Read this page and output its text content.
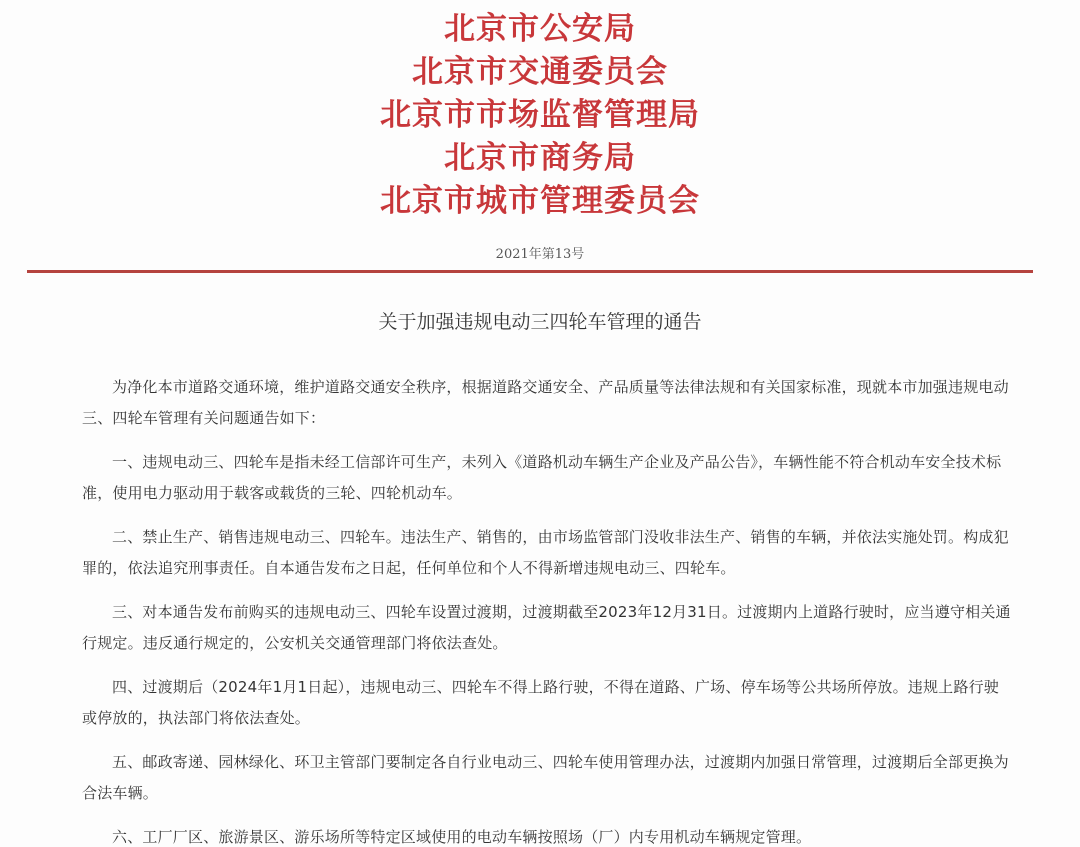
北京市公安局
北京市交通委员会
北京市市场监督管理局
北京市商务局
北京市城市管理委员会
2021年第13号
关于加强违规电动三四轮车管理的通告

为净化本市道路交通环境，维护道路交通安全秩序，根据道路交通安全、产品质量等法律法规和有关国家标准，现就本市加强违规电动三、四轮车管理有关问题通告如下：

一、违规电动三、四轮车是指未经工信部许可生产，未列入《道路机动车辆生产企业及产品公告》，车辆性能不符合机动车安全技术标准，使用电力驱动用于载客或载货的三轮、四轮机动车。

二、禁止生产、销售违规电动三、四轮车。违法生产、销售的，由市场监管部门没收非法生产、销售的车辆，并依法实施处罚。构成犯罪的，依法追究刑事责任。自本通告发布之日起，任何单位和个人不得新增违规电动三、四轮车。

三、对本通告发布前购买的违规电动三、四轮车设置过渡期，过渡期截至2023年12月31日。过渡期内上道路行驶时，应当遵守相关通行规定。违反通行规定的，公安机关交通管理部门将依法查处。

四、过渡期后（2024年1月1日起），违规电动三、四轮车不得上路行驶，不得在道路、广场、停车场等公共场所停放。违规上路行驶或停放的，执法部门将依法查处。

五、邮政寄递、园林绿化、环卫主管部门要制定各自行业电动三、四轮车使用管理办法，过渡期内加强日常管理，过渡期后全部更换为合法车辆。

六、工厂厂区、旅游景区、游乐场所等特定区域使用的电动车辆按照场（厂）内专用机动车辆规定管理。
